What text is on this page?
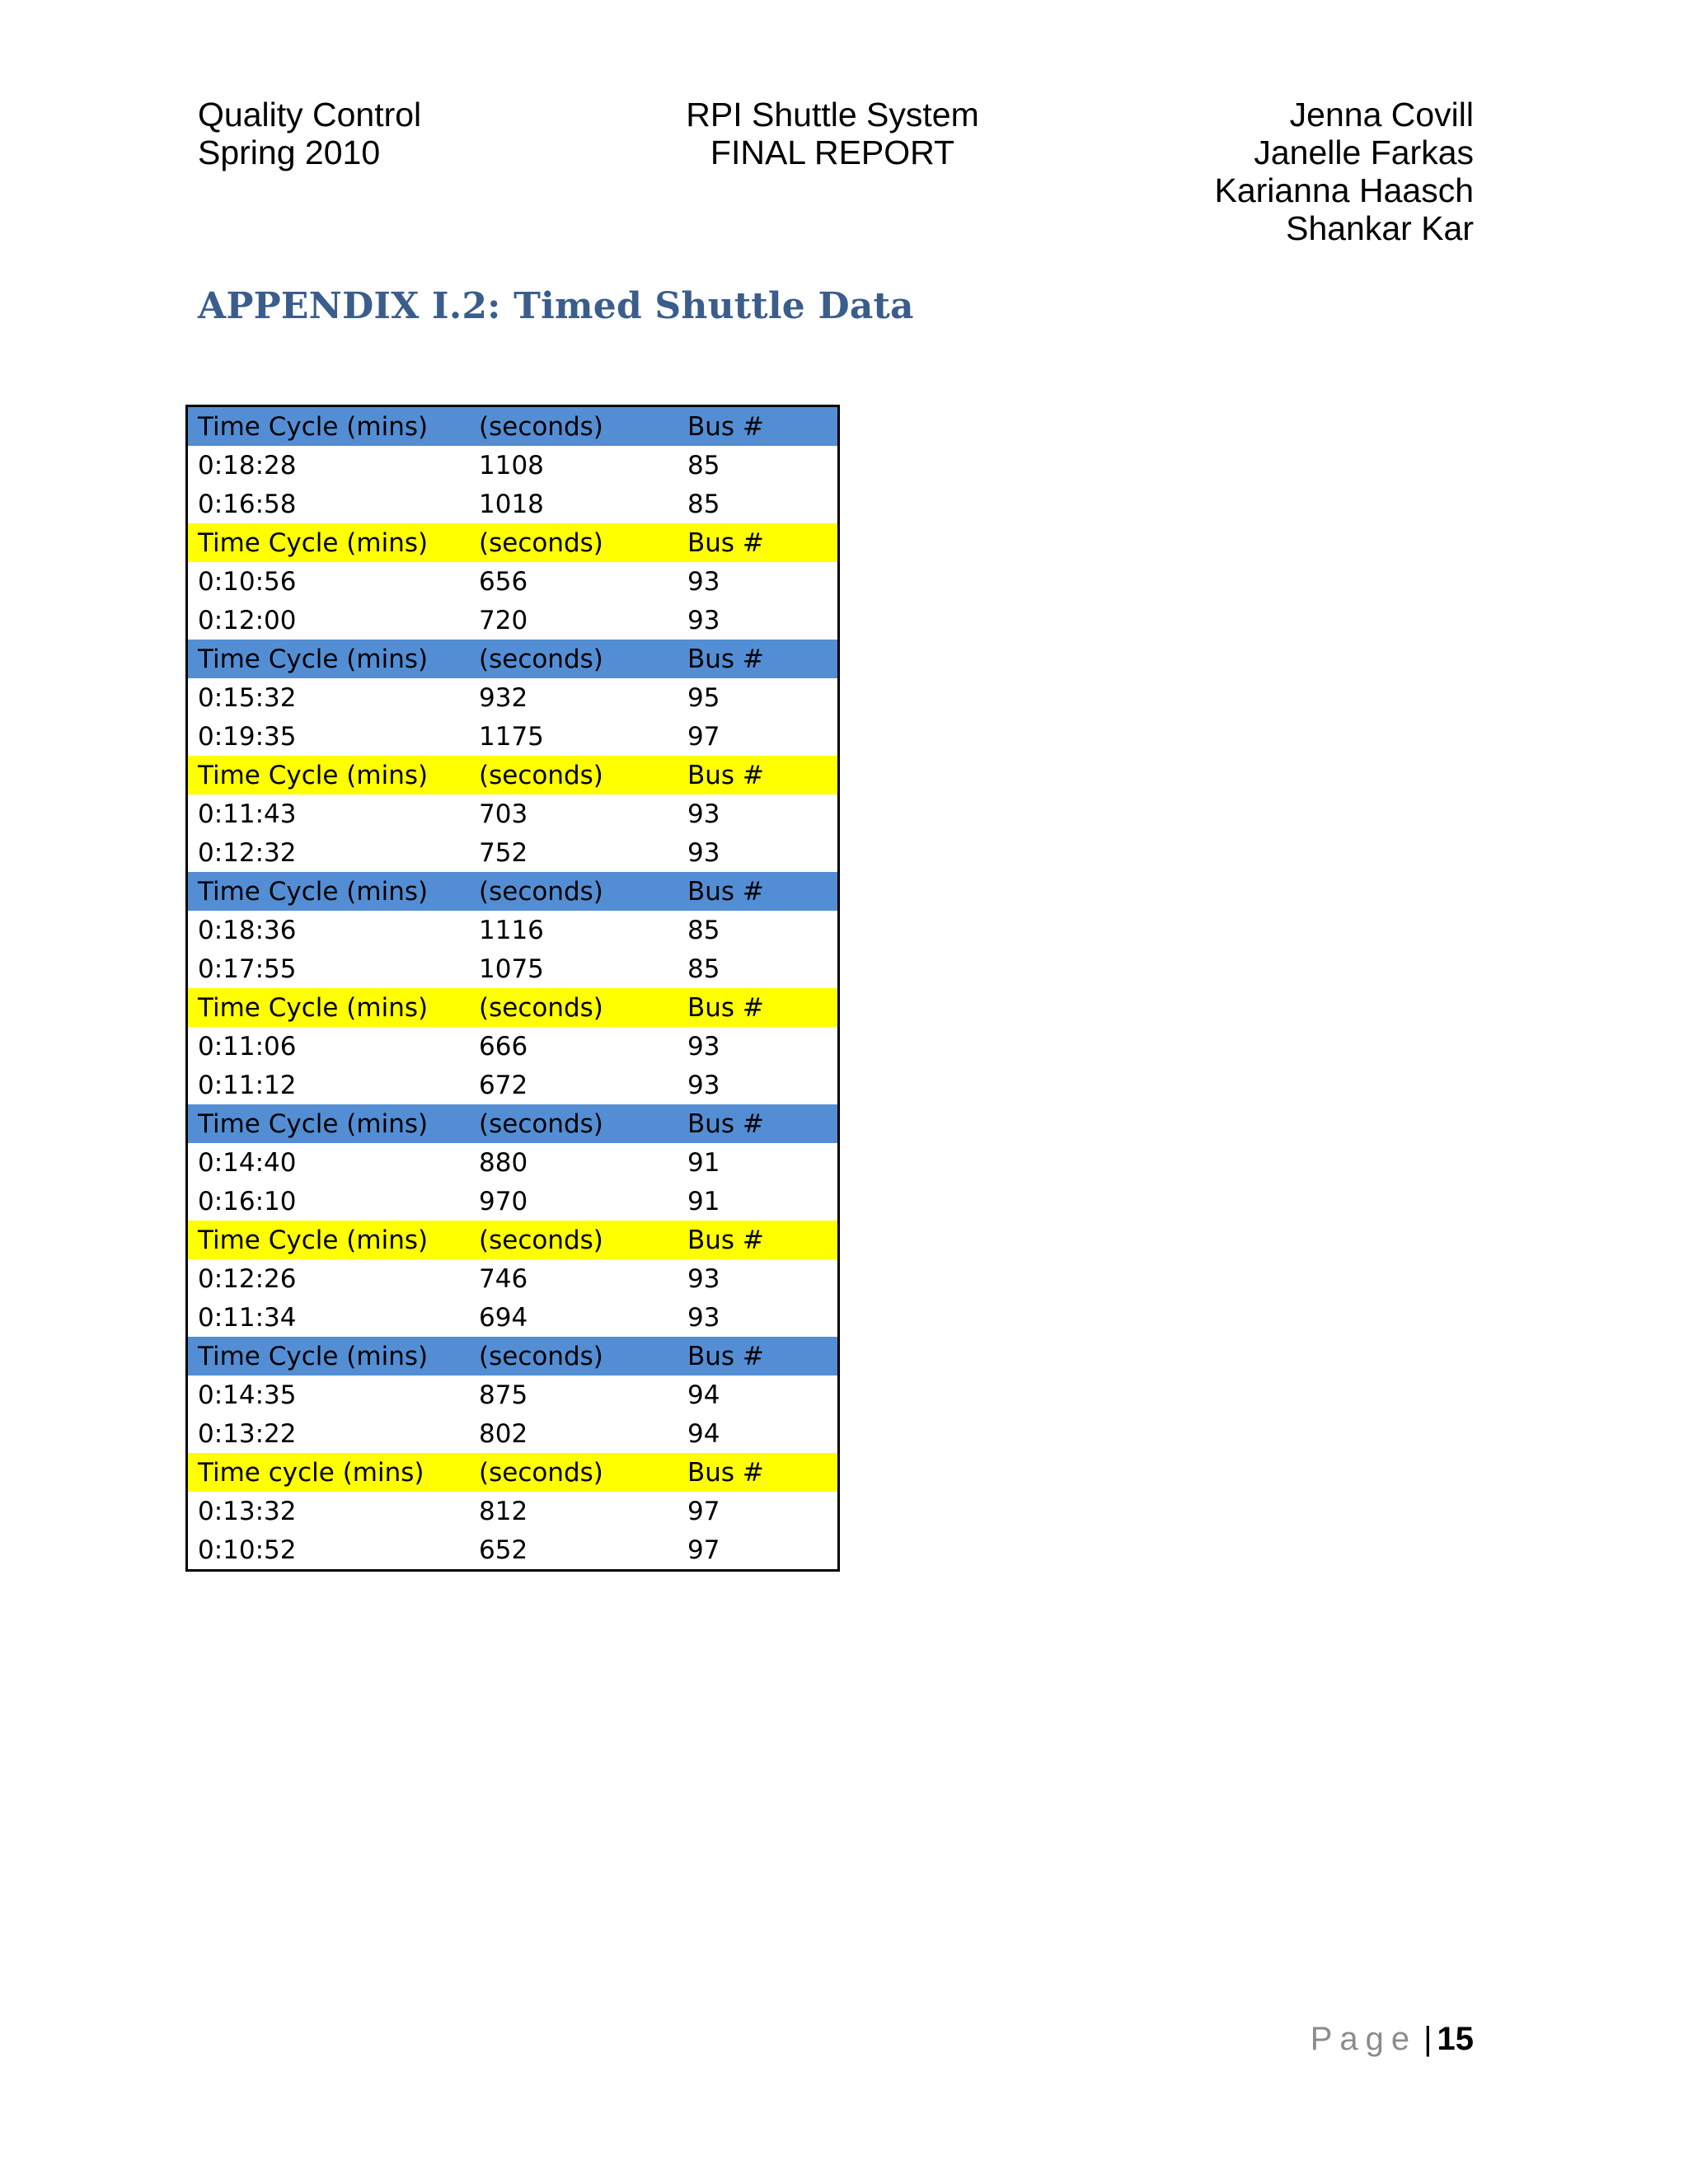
Quality Control
Spring 2010
RPI Shuttle System
FINAL REPORT
Jenna Covill
Janelle Farkas
Karianna Haasch
Shankar Kar
APPENDIX I.2: Timed Shuttle Data
Time Cycle (mins)	(seconds)	Bus #
0:18:28	1108	85
0:16:58	1018	85
Time Cycle (mins)	(seconds)	Bus #
0:10:56	656	93
0:12:00	720	93
Time Cycle (mins)	(seconds)	Bus #
0:15:32	932	95
0:19:35	1175	97
Time Cycle (mins)	(seconds)	Bus #
0:11:43	703	93
0:12:32	752	93
Time Cycle (mins)	(seconds)	Bus #
0:18:36	1116	85
0:17:55	1075	85
Time Cycle (mins)	(seconds)	Bus #
0:11:06	666	93
0:11:12	672	93
Time Cycle (mins)	(seconds)	Bus #
0:14:40	880	91
0:16:10	970	91
Time Cycle (mins)	(seconds)	Bus #
0:12:26	746	93
0:11:34	694	93
Time Cycle (mins)	(seconds)	Bus #
0:14:35	875	94
0:13:22	802	94
Time cycle (mins)	(seconds)	Bus #
0:13:32	812	97
0:10:52	652	97
Page | 15
